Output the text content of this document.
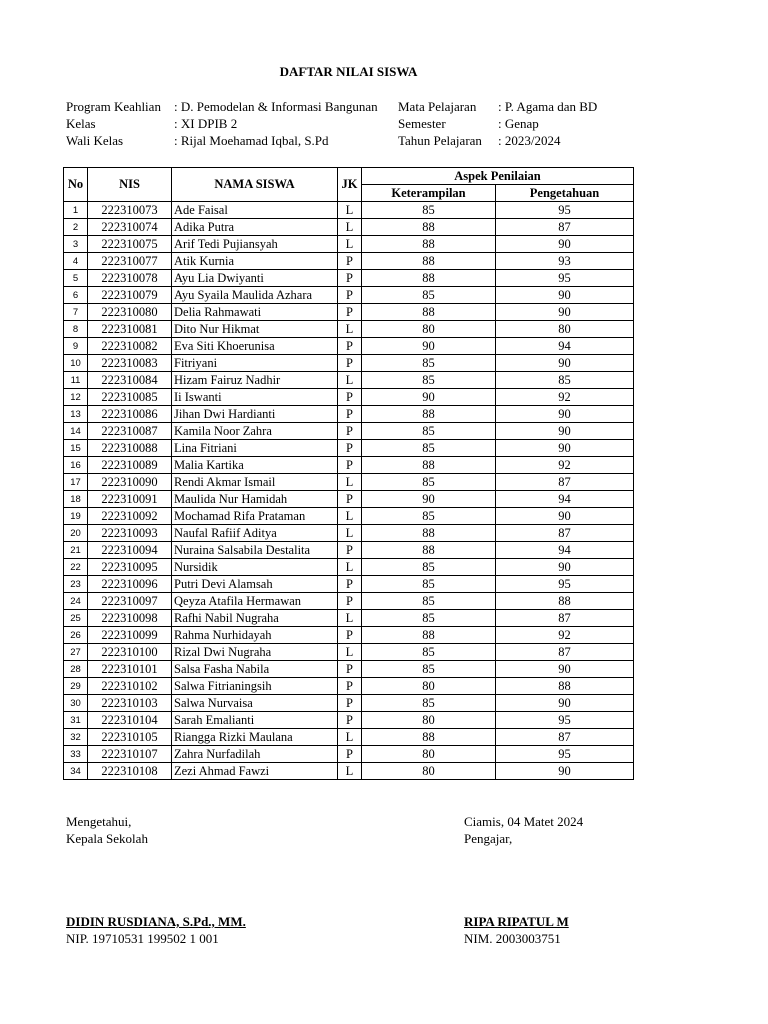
DAFTAR NILAI SISWA
Program Keahlian	: D. Pemodelan & Informasi Bangunan	Mata Pelajaran	: P. Agama dan BD
Kelas	: XI DPIB 2	Semester	: Genap
Wali Kelas	: Rijal Moehamad Iqbal, S.Pd	Tahun Pelajaran	: 2023/2024
No	NIS	NAMA SISWA	JK	Aspek Penilaian	
				Keterampilan	Pengetahuan
1	222310073	Ade Faisal	L	85	95
2	222310074	Adika Putra	L	88	87
3	222310075	Arif Tedi Pujiansyah	L	88	90
4	222310077	Atik Kurnia	P	88	93
5	222310078	Ayu Lia Dwiyanti	P	88	95
6	222310079	Ayu Syaila Maulida Azhara	P	85	90
7	222310080	Delia Rahmawati	P	88	90
8	222310081	Dito Nur Hikmat	L	80	80
9	222310082	Eva Siti Khoerunisa	P	90	94
10	222310083	Fitriyani	P	85	90
11	222310084	Hizam Fairuz Nadhir	L	85	85
12	222310085	Ii Iswanti	P	90	92
13	222310086	Jihan Dwi Hardianti	P	88	90
14	222310087	Kamila Noor Zahra	P	85	90
15	222310088	Lina Fitriani	P	85	90
16	222310089	Malia Kartika	P	88	92
17	222310090	Rendi Akmar Ismail	L	85	87
18	222310091	Maulida Nur Hamidah	P	90	94
19	222310092	Mochamad Rifa Prataman	L	85	90
20	222310093	Naufal Rafiif Aditya	L	88	87
21	222310094	Nuraina Salsabila Destalita	P	88	94
22	222310095	Nursidik	L	85	90
23	222310096	Putri Devi Alamsah	P	85	95
24	222310097	Qeyza Atafila Hermawan	P	85	88
25	222310098	Rafhi Nabil Nugraha	L	85	87
26	222310099	Rahma Nurhidayah	P	88	92
27	222310100	Rizal Dwi Nugraha	L	85	87
28	222310101	Salsa Fasha Nabila	P	85	90
29	222310102	Salwa Fitrianingsih	P	80	88
30	222310103	Salwa Nurvaisa	P	85	90
31	222310104	Sarah Emalianti	P	80	95
32	222310105	Riangga Rizki Maulana	L	88	87
33	222310107	Zahra Nurfadilah	P	80	95
34	222310108	Zezi Ahmad Fawzi	L	80	90
Mengetahui,
Kepala Sekolah
DIDIN RUSDIANA, S.Pd., MM.
NIP. 19710531 199502 1 001
Ciamis, 04 Matet 2024
Pengajar,
RIPA RIPATUL M
NIM. 2003003751
